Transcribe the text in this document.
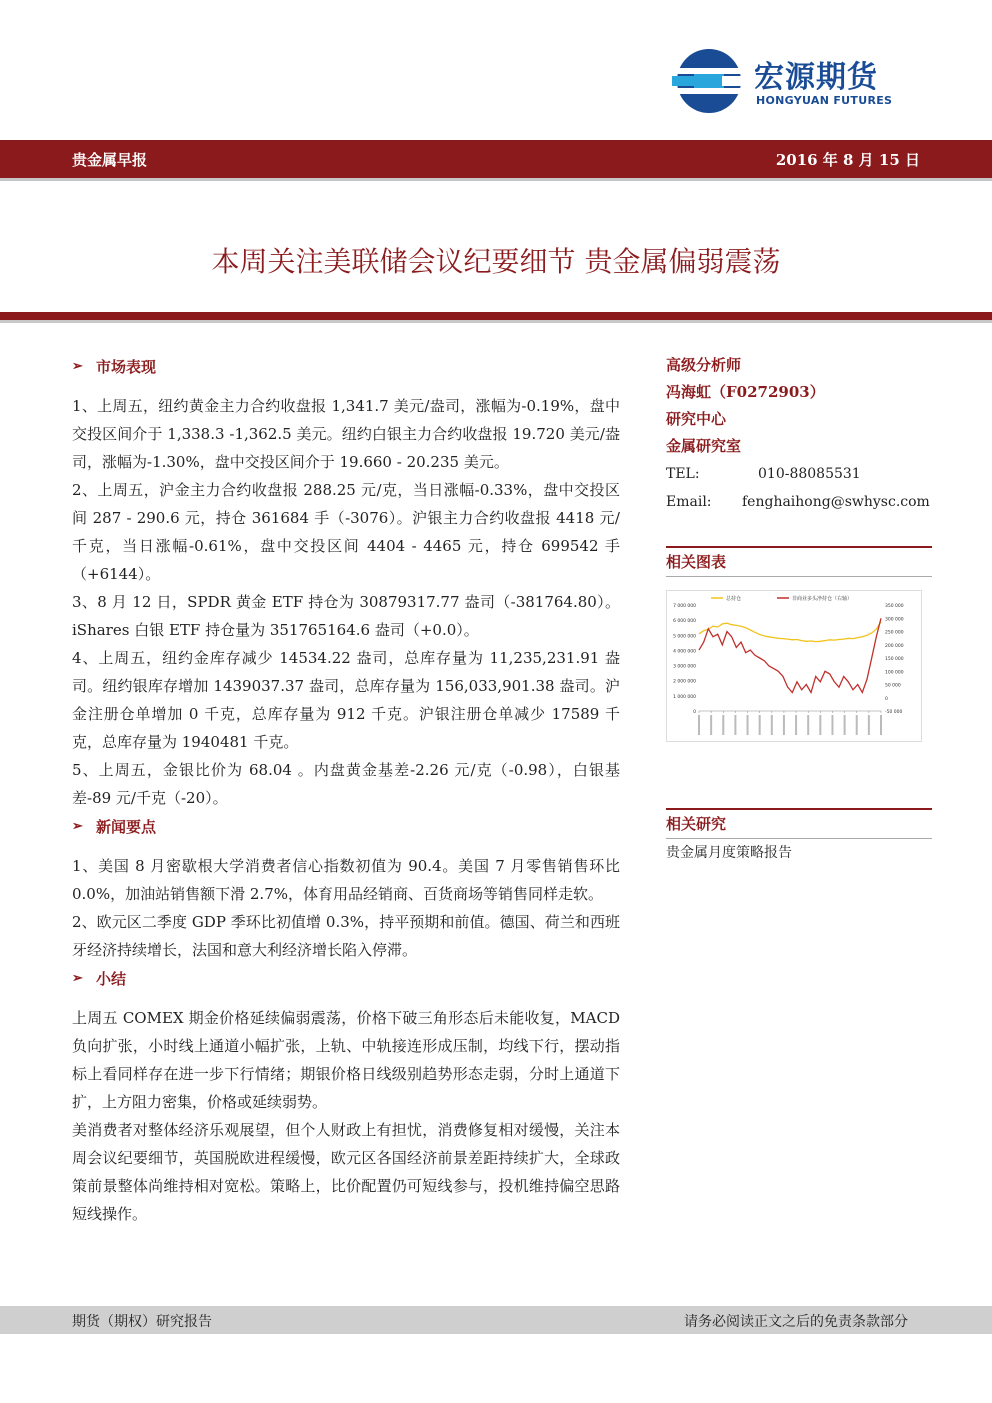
宏源期货
HONGYUAN FUTURES
贵金属早报	2016 年 8 月 15 日
本周关注美联储会议纪要细节 贵金属偏弱震荡
➢ 市场表现

1、上周五，纽约黄金主力合约收盘报 1,341.7 美元/盎司，涨幅为-0.19%，盘中交投区间介于 1,338.3 -1,362.5 美元。纽约白银主力合约收盘报 19.720 美元/盎司，涨幅为-1.30%，盘中交投区间介于 19.660 - 20.235 美元。

2、上周五，沪金主力合约收盘报 288.25 元/克，当日涨幅-0.33%，盘中交投区间 287 - 290.6 元，持仓 361684 手（-3076）。沪银主力合约收盘报 4418 元/千克，当日涨幅-0.61%，盘中交投区间 4404 - 4465 元，持仓 699542 手（+6144）。

3、8 月 12 日，SPDR 黄金 ETF 持仓为 30879317.77 盎司（-381764.80）。iShares 白银 ETF 持仓量为 351765164.6 盎司（+0.0）。

4、上周五，纽约金库存减少 14534.22 盎司，总库存量为 11,235,231.91 盎司。纽约银库存增加 1439037.37 盎司，总库存量为 156,033,901.38 盎司。沪金注册仓单增加 0 千克，总库存量为 912 千克。沪银注册仓单减少 17589 千克，总库存量为 1940481 千克。

5、上周五，金银比价为 68.04 。内盘黄金基差-2.26 元/克（-0.98），白银基差-89 元/千克（-20）。

➢ 新闻要点

1、美国 8 月密歇根大学消费者信心指数初值为 90.4。美国 7 月零售销售环比 0.0%，加油站销售额下滑 2.7%，体育用品经销商、百货商场等销售同样走软。

2、欧元区二季度 GDP 季环比初值增 0.3%，持平预期和前值。德国、荷兰和西班牙经济持续增长，法国和意大利经济增长陷入停滞。

➢ 小结

上周五 COMEX 期金价格延续偏弱震荡，价格下破三角形态后未能收复，MACD 负向扩张，小时线上通道小幅扩张，上轨、中轨接连形成压制，均线下行，摆动指标上看同样存在进一步下行情绪；期银价格日线级别趋势形态走弱，分时上通道下扩，上方阻力密集，价格或延续弱势。

美消费者对整体经济乐观展望，但个人财政上有担忧，消费修复相对缓慢，关注本周会议纪要细节，英国脱欧进程缓慢，欧元区各国经济前景差距持续扩大，全球政策前景整体尚维持相对宽松。策略上，比价配置仍可短线参与，投机维持偏空思路短线操作。

高级分析师
冯海虹（F0272903）
研究中心
金属研究室
TEL:	010-88085531
Email:	fenghaihong@swhysc.com
相关图表
总持仓	非商业多头净持仓（右轴）
0
1 000 000
2 000 000
3 000 000
4 000 000
5 000 000
6 000 000
7 000 000
-50 000
0
50 000
100 000
150 000
200 000
250 000
300 000
350 000
相关研究
贵金属月度策略报告
期货（期权）研究报告	请务必阅读正文之后的免责条款部分
